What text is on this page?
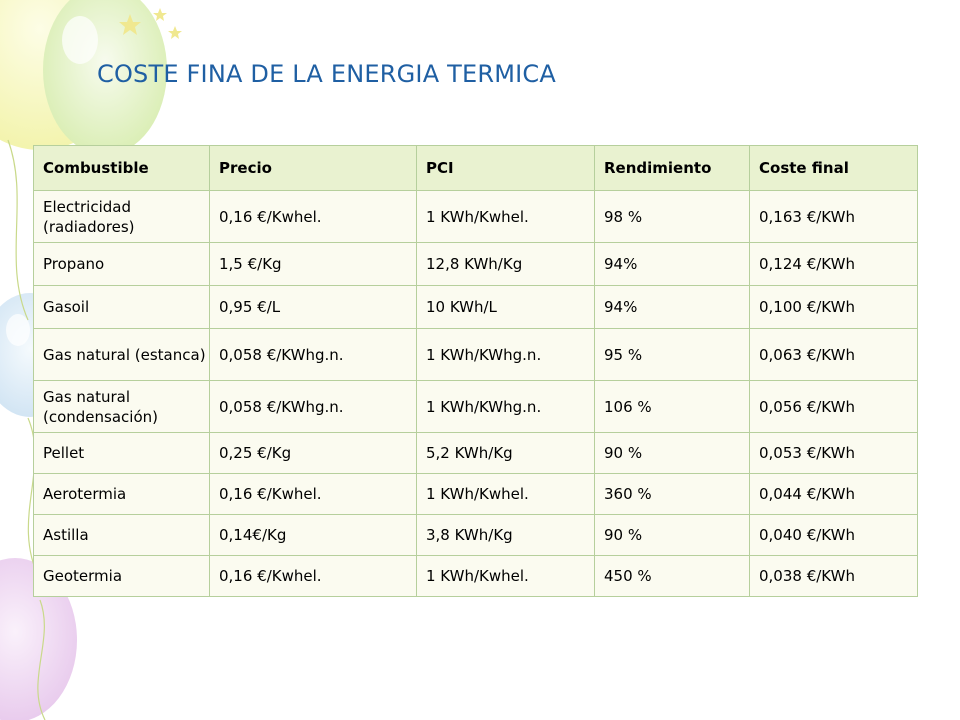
COSTE FINA DE LA ENERGIA TERMICA
Combustible	Precio	PCI	Rendimiento	Coste final
Electricidad (radiadores)	0,16 €/Kwhel.	1 KWh/Kwhel.	98 %	0,163 €/KWh
Propano	1,5 €/Kg	12,8 KWh/Kg	94%	0,124 €/KWh
Gasoil	0,95 €/L	10 KWh/L	94%	0,100 €/KWh
Gas natural (estanca)	0,058 €/KWhg.n.	1 KWh/KWhg.n.	95 %	0,063 €/KWh
Gas natural (condensación)	0,058 €/KWhg.n.	1 KWh/KWhg.n.	106 %	0,056 €/KWh
Pellet	0,25 €/Kg	5,2 KWh/Kg	90 %	0,053 €/KWh
Aerotermia	0,16 €/Kwhel.	1 KWh/Kwhel.	360 %	0,044 €/KWh
Astilla	0,14€/Kg	3,8 KWh/Kg	90 %	0,040 €/KWh
Geotermia	0,16 €/Kwhel.	1 KWh/Kwhel.	450 %	0,038 €/KWh
